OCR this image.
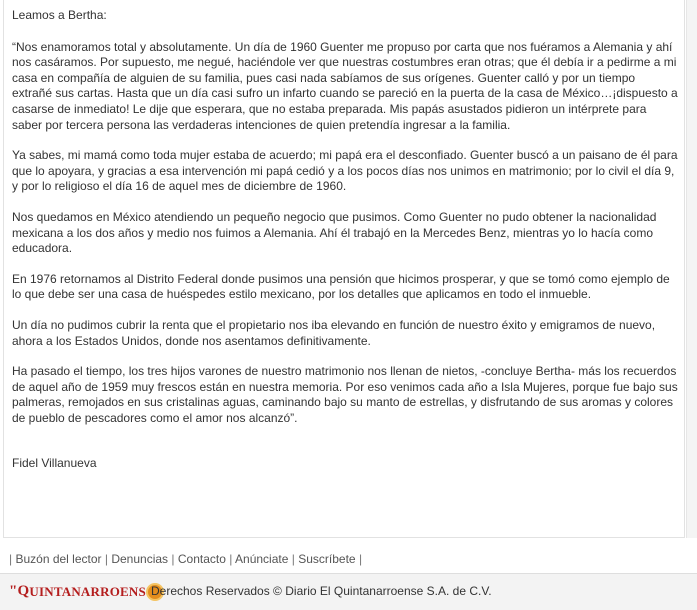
Leamos a Bertha:

“Nos enamoramos total y absolutamente. Un día de 1960 Guenter me propuso por carta que nos fuéramos a Alemania y ahí nos casáramos. Por supuesto, me negué, haciéndole ver que nuestras costumbres eran otras; que él debía ir a pedirme a mi casa en compañía de alguien de su familia, pues casi nada sabíamos de sus orígenes. Guenter calló y por un tiempo extrañé sus cartas. Hasta que un día casi sufro un infarto cuando se pareció en la puerta de la casa de México…¡dispuesto a casarse de inmediato! Le dije que esperara, que no estaba preparada. Mis papás asustados pidieron un intérprete para saber por tercera persona las verdaderas intenciones de quien pretendía ingresar a la familia.

Ya sabes, mi mamá como toda mujer estaba de acuerdo; mi papá era el desconfiado. Guenter buscó a un paisano de él para que lo apoyara, y gracias a esa intervención mi papá cedió y a los pocos días nos unimos en matrimonio; por lo civil el día 9, y por lo religioso el día 16 de aquel mes de diciembre de 1960.

Nos quedamos en México atendiendo un pequeño negocio que pusimos. Como Guenter no pudo obtener la nacionalidad mexicana a los dos años y medio nos fuimos a Alemania. Ahí él trabajó en la Mercedes Benz, mientras yo lo hacía como educadora.

En 1976 retornamos al Distrito Federal donde pusimos una pensión que hicimos prosperar, y que se tomó como ejemplo de lo que debe ser una casa de huéspedes estilo mexicano, por los detalles que aplicamos en todo el inmueble.

Un día no pudimos cubrir la renta que el propietario nos iba elevando en función de nuestro éxito y emigramos de nuevo, ahora a los Estados Unidos, donde nos asentamos definitivamente.

Ha pasado el tiempo, los tres hijos varones de nuestro matrimonio nos llenan de nietos, -concluye Bertha- más los recuerdos de aquel año de 1959 muy frescos están en nuestra memoria. Por eso venimos cada año a Isla Mujeres, porque fue bajo sus palmeras, remojados en sus cristalinas aguas, caminando bajo su manto de estrellas, y disfrutando de sus aromas y colores de pueblo de pescadores como el amor nos alcanzó”.

Fidel Villanueva

| Buzón del lector | Denuncias | Contacto | Anúnciate | Suscríbete |
"Q UINTANARROENS Derechos Reservados © Diario El Quintanarroense S.A. de C.V.
